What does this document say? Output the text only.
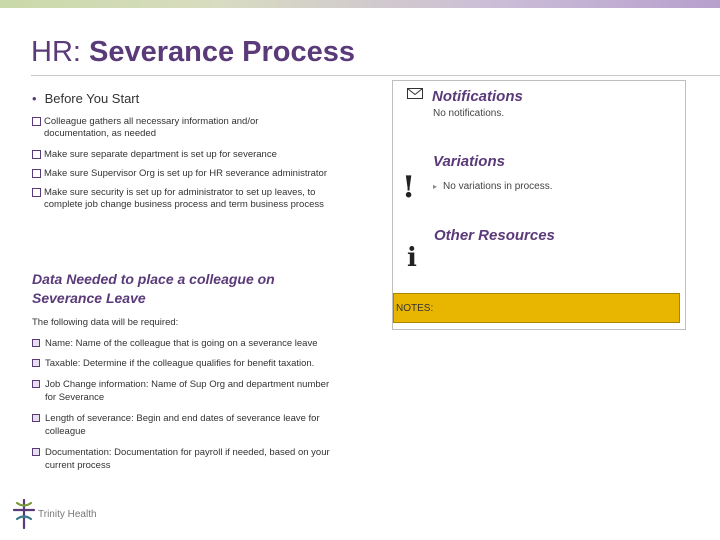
HR: Severance Process
• Before You Start
Colleague gathers all necessary information and/or documentation, as needed
Make sure separate department is set up for severance
Make sure Supervisor Org is set up for HR severance administrator
Make sure security is set up for administrator to set up leaves, to complete job change business process and term business process
Data Needed to place a colleague on Severance Leave
The following data will be required:
Name: Name of the colleague that is going on a severance leave
Taxable: Determine if the colleague qualifies for benefit taxation.
Job Change information: Name of Sup Org and department number for Severance
Length of severance: Begin and end dates of severance leave for colleague
Documentation: Documentation for payroll if needed, based on your current process
Notifications
No notifications.
!
Variations
▸ No variations in process.
i
Other Resources
NOTES:
Trinity Health
